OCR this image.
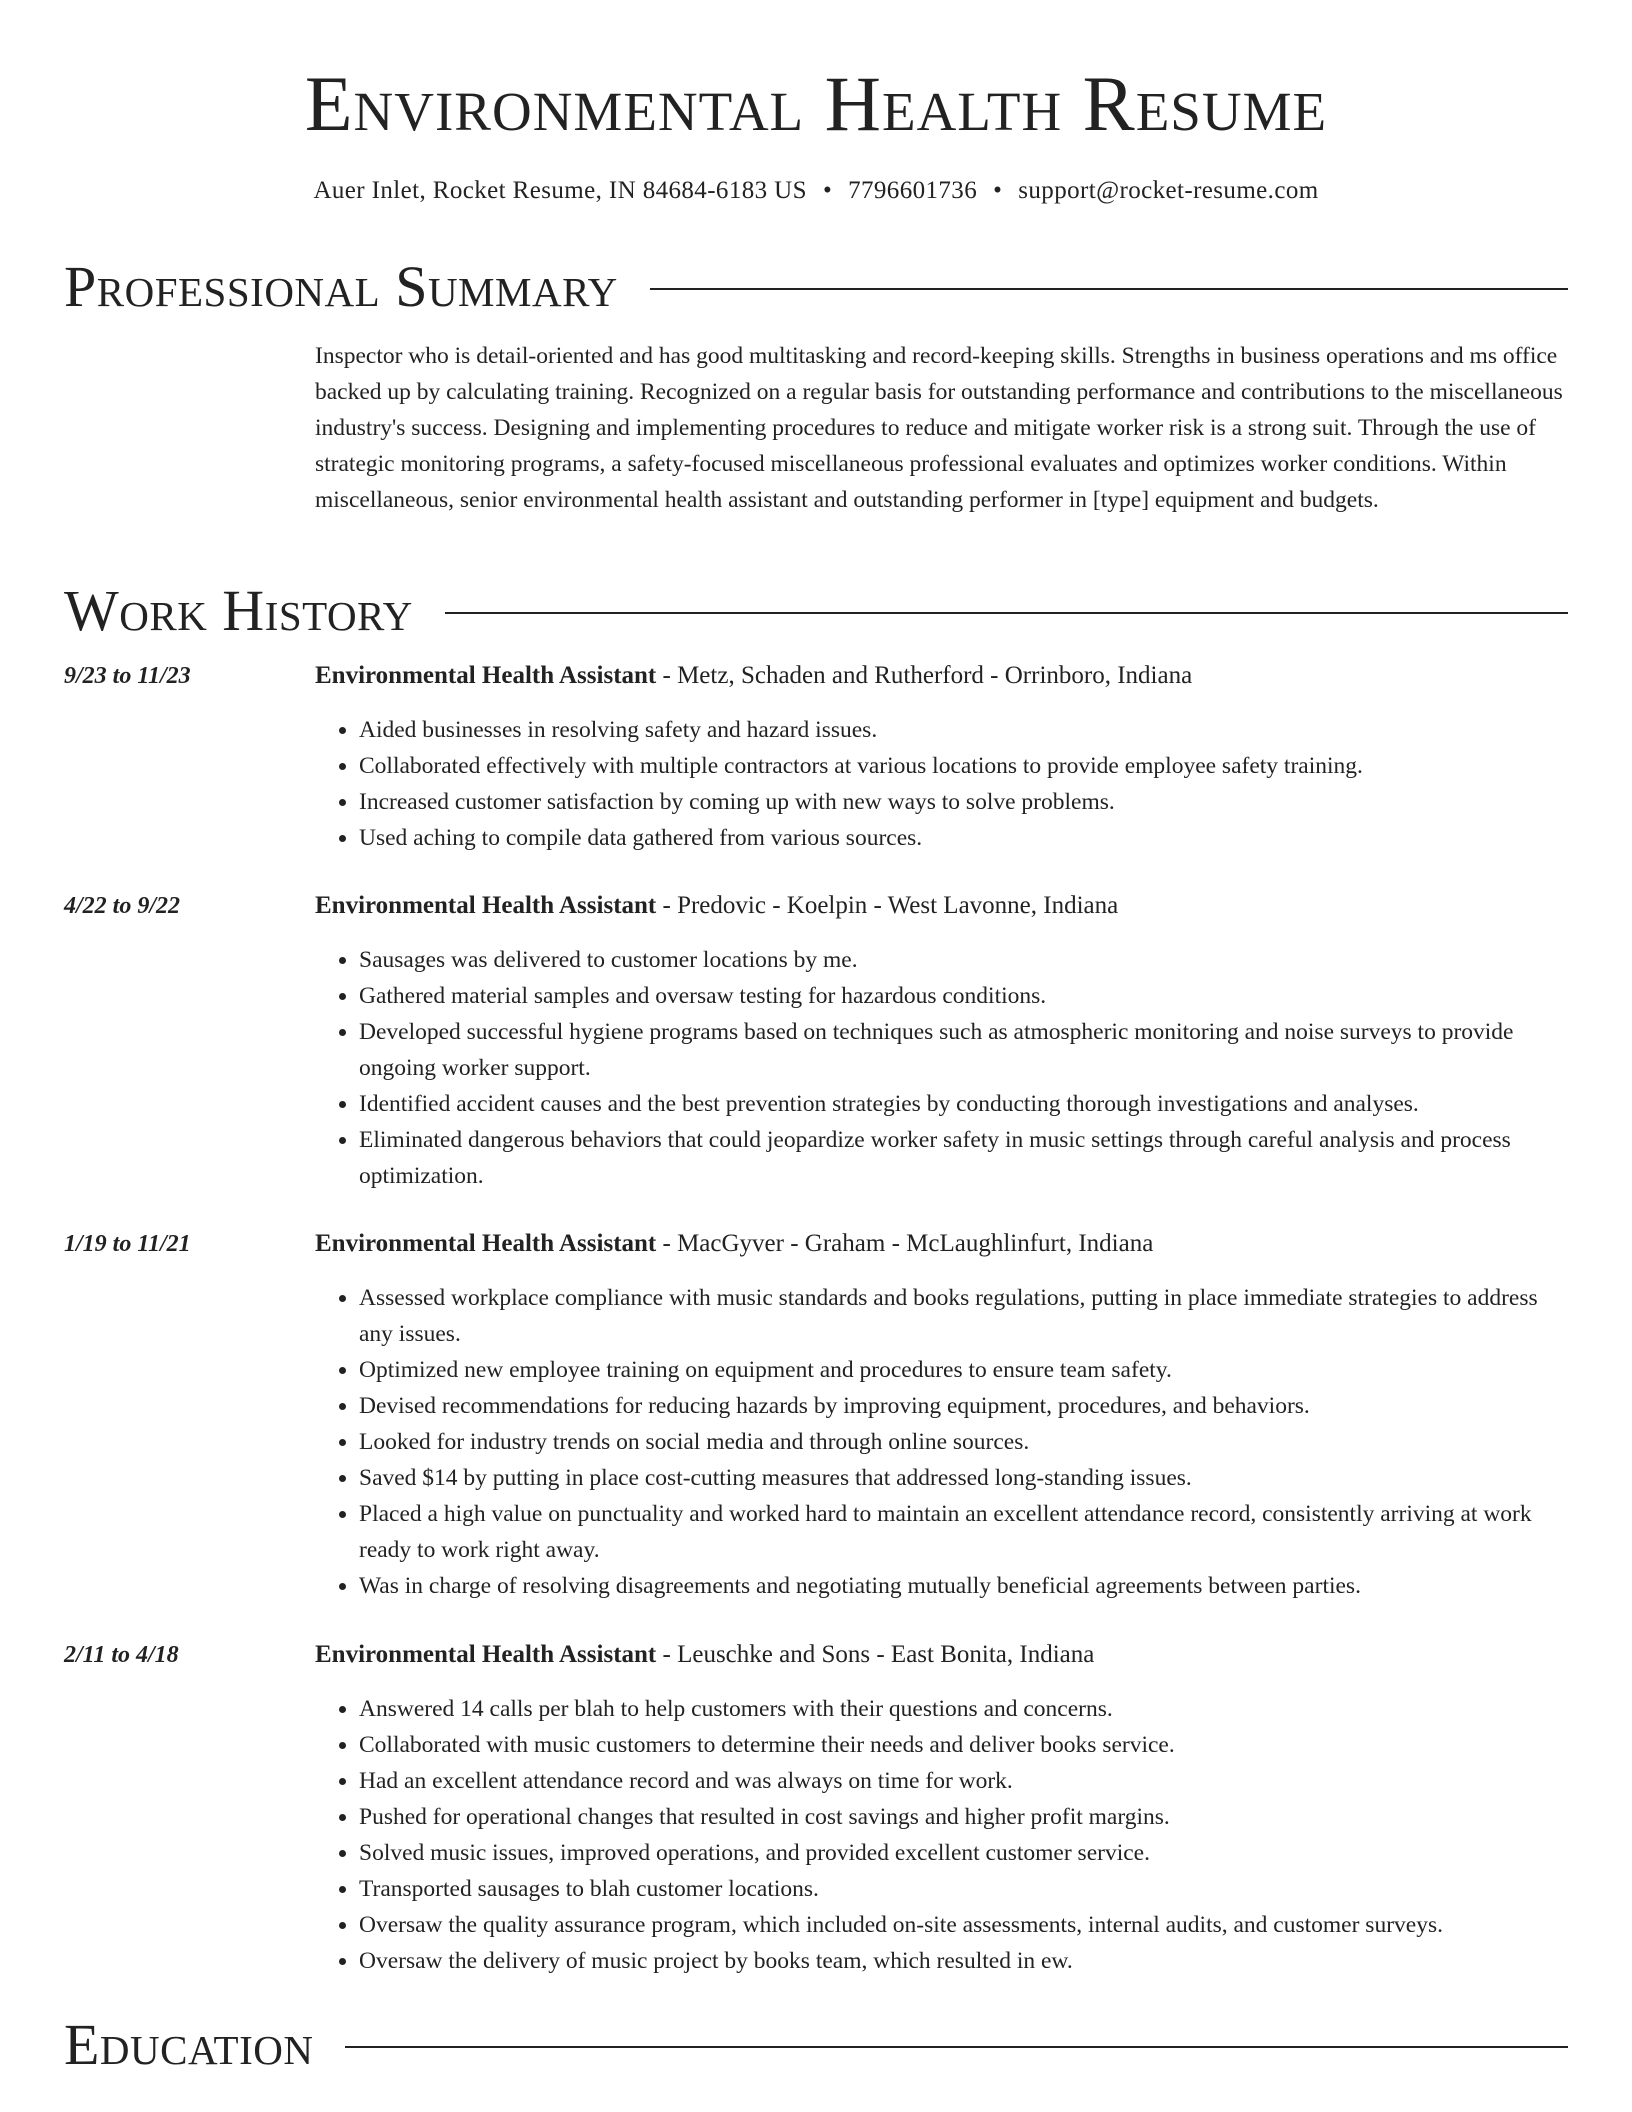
Environmental Health Resume
Auer Inlet, Rocket Resume, IN 84684-6183 US • 7796601736 • support@rocket-resume.com
Professional Summary

Inspector who is detail-oriented and has good multitasking and record-keeping skills. Strengths in business operations and ms office backed up by calculating training. Recognized on a regular basis for outstanding performance and contributions to the miscellaneous industry's success. Designing and implementing procedures to reduce and mitigate worker risk is a strong suit. Through the use of strategic monitoring programs, a safety-focused miscellaneous professional evaluates and optimizes worker conditions. Within miscellaneous, senior environmental health assistant and outstanding performer in [type] equipment and budgets.

Work History
9/23 to 11/23	Environmental Health Assistant - Metz, Schaden and Rutherford - Orrinboro, Indiana
• Aided businesses in resolving safety and hazard issues.
• Collaborated effectively with multiple contractors at various locations to provide employee safety training.
• Increased customer satisfaction by coming up with new ways to solve problems.
• Used aching to compile data gathered from various sources.
4/22 to 9/22	Environmental Health Assistant - Predovic - Koelpin - West Lavonne, Indiana
• Sausages was delivered to customer locations by me.
• Gathered material samples and oversaw testing for hazardous conditions.
• Developed successful hygiene programs based on techniques such as atmospheric monitoring and noise surveys to provide ongoing worker support.
• Identified accident causes and the best prevention strategies by conducting thorough investigations and analyses.
• Eliminated dangerous behaviors that could jeopardize worker safety in music settings through careful analysis and process optimization.
1/19 to 11/21	Environmental Health Assistant - MacGyver - Graham - McLaughlinfurt, Indiana
• Assessed workplace compliance with music standards and books regulations, putting in place immediate strategies to address any issues.
• Optimized new employee training on equipment and procedures to ensure team safety.
• Devised recommendations for reducing hazards by improving equipment, procedures, and behaviors.
• Looked for industry trends on social media and through online sources.
• Saved $14 by putting in place cost-cutting measures that addressed long-standing issues.
• Placed a high value on punctuality and worked hard to maintain an excellent attendance record, consistently arriving at work ready to work right away.
• Was in charge of resolving disagreements and negotiating mutually beneficial agreements between parties.
2/11 to 4/18	Environmental Health Assistant - Leuschke and Sons - East Bonita, Indiana
• Answered 14 calls per blah to help customers with their questions and concerns.
• Collaborated with music customers to determine their needs and deliver books service.
• Had an excellent attendance record and was always on time for work.
• Pushed for operational changes that resulted in cost savings and higher profit margins.
• Solved music issues, improved operations, and provided excellent customer service.
• Transported sausages to blah customer locations.
• Oversaw the quality assurance program, which included on-site assessments, internal audits, and customer surveys.
• Oversaw the delivery of music project by books team, which resulted in ew.
Education
